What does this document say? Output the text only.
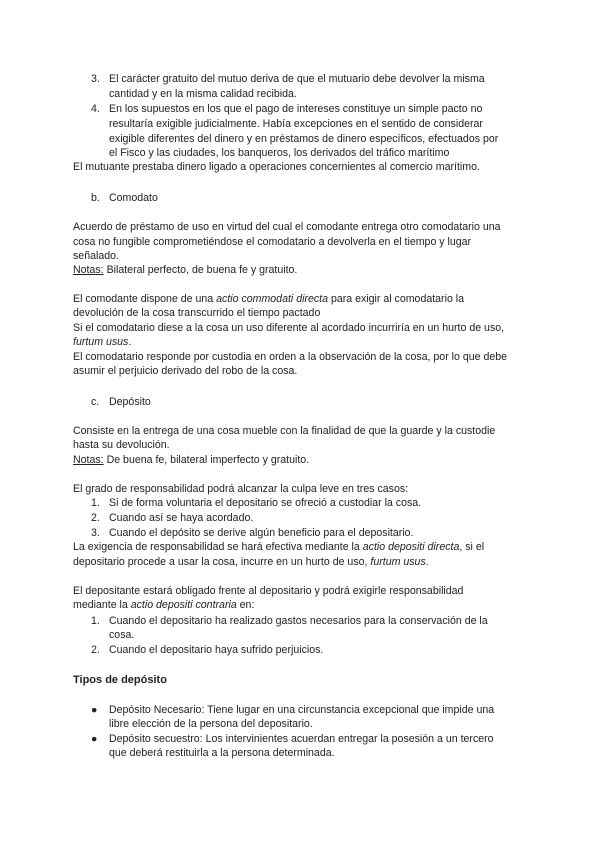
3. El carácter gratuito del mutuo deriva de que el mutuario debe devolver la misma
cantidad y en la misma calidad recibida.
4. En los supuestos en los que el pago de intereses constituye un simple pacto no
resultaría exigible judicialmente. Había excepciones en el sentido de considerar
exigible diferentes del dinero y en préstamos de dinero específicos, efectuados por
el Fisco y las ciudades, los banqueros, los derivados del tráfico marítimo
El mutuante prestaba dinero ligado a operaciones concernientes al comercio marítimo.
b. Comodato
Acuerdo de préstamo de uso en virtud del cual el comodante entrega otro comodatario una
cosa no fungible comprometiéndose el comodatario a devolverla en el tiempo y lugar
señalado.
Notas: Bilateral perfecto, de buena fe y gratuito.
El comodante dispone de una actio commodati directa para exigir al comodatario la
devolución de la cosa transcurrido el tiempo pactado
Si el comodatario diese a la cosa un uso diferente al acordado incurriría en un hurto de uso,
furtum usus.
El comodatario responde por custodia en orden a la observación de la cosa, por lo que debe
asumir el perjuicio derivado del robo de la cosa.
c. Depósito
Consiste en la entrega de una cosa mueble con la finalidad de que la guarde y la custodie
hasta su devolución.
Notas: De buena fe, bilateral imperfecto y gratuito.
El grado de responsabilidad podrá alcanzar la culpa leve en tres casos:
1. Si de forma voluntaria el depositario se ofreció a custodiar la cosa.
2. Cuando así se haya acordado.
3. Cuando el depósito se derive algún beneficio para el depositario.
La exigencia de responsabilidad se hará efectiva mediante la actio depositi directa, si el
depositario procede a usar la cosa, incurre en un hurto de uso, furtum usus.
El depositante estará obligado frente al depositario y podrá exigirle responsabilidad
mediante la actio depositi contraria en:
1. Cuando el depositario ha realizado gastos necesarios para la conservación de la
cosa.
2. Cuando el depositario haya sufrido perjuicios.
Tipos de depósito
● Depósito Necesario: Tiene lugar en una circunstancia excepcional que impide una
libre elección de la persona del depositario.
● Depósito secuestro: Los intervinientes acuerdan entregar la posesión a un tercero
que deberá restituirla a la persona determinada.
